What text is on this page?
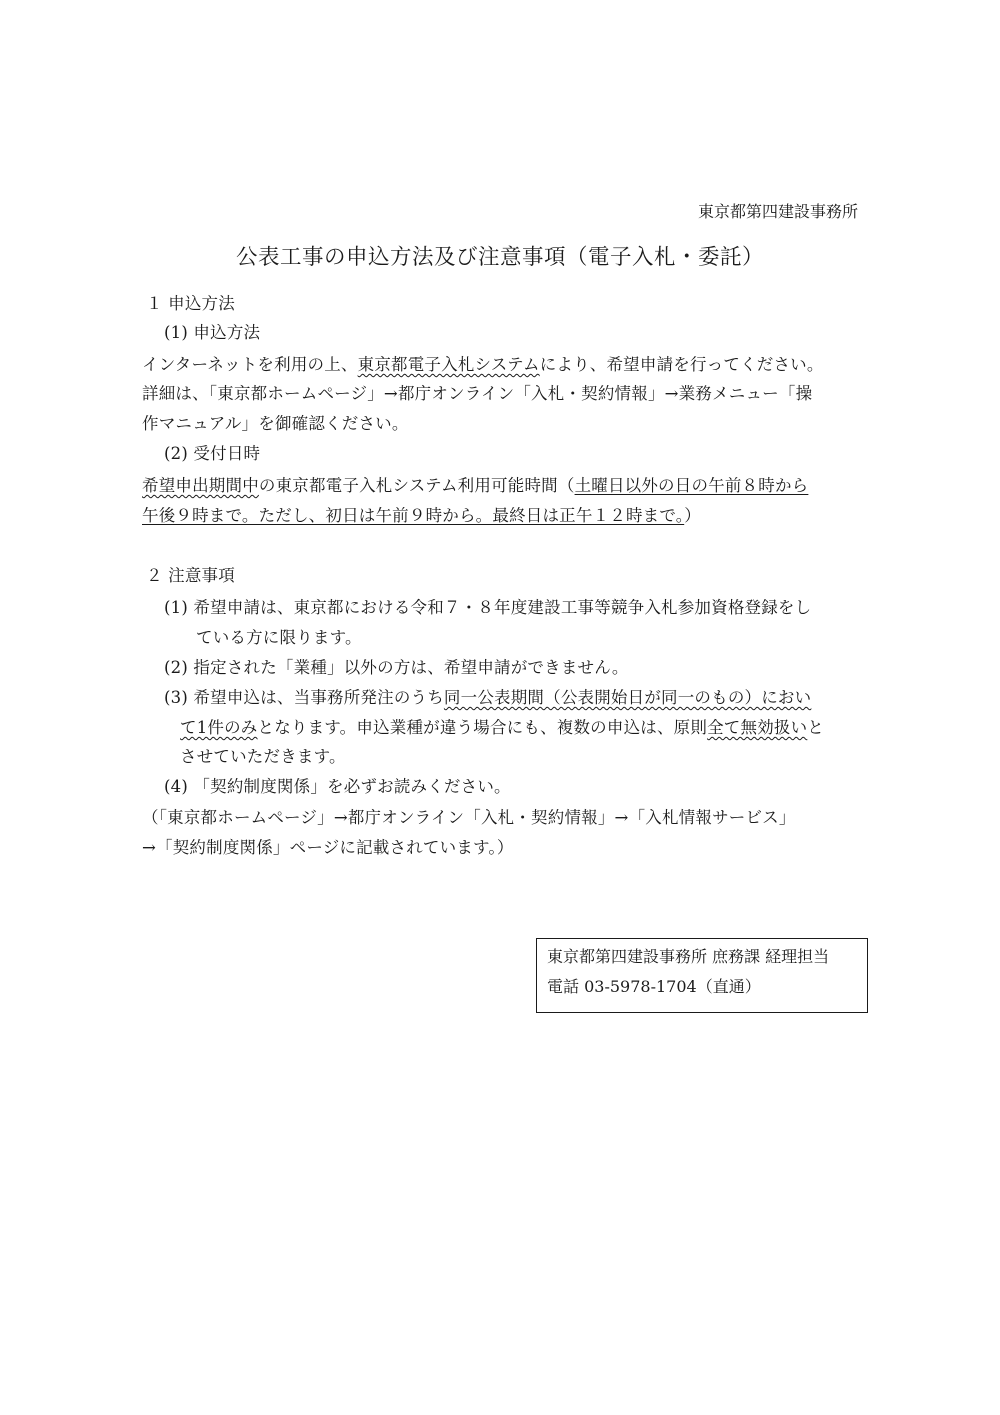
東京都第四建設事務所
公表工事の申込方法及び注意事項（電子入札・委託）
１ 申込方法
(1) 申込方法
インターネットを利用の上、東京都電子入札システムにより、希望申請を行ってください。
詳細は、「東京都ホームページ」→都庁オンライン「入札・契約情報」→業務メニュー「操
作マニュアル」を御確認ください。
(2) 受付日時
希望申出期間中の東京都電子入札システム利用可能時間（土曜日以外の日の午前８時から
午後９時まで。ただし、初日は午前９時から。最終日は正午１２時まで。）
２ 注意事項
(1) 希望申請は、東京都における令和７・８年度建設工事等競争入札参加資格登録をし
ている方に限ります。
(2) 指定された「業種」以外の方は、希望申請ができません。
(3) 希望申込は、当事務所発注のうち同一公表期間（公表開始日が同一のもの）におい
て1件のみとなります。申込業種が違う場合にも、複数の申込は、原則全て無効扱いと
させていただきます。
(4) 「契約制度関係」を必ずお読みください。
（「東京都ホームページ」→都庁オンライン「入札・契約情報」→「入札情報サービス」
→「契約制度関係」ページに記載されています。）
東京都第四建設事務所 庶務課 経理担当
電話 03-5978-1704（直通）
